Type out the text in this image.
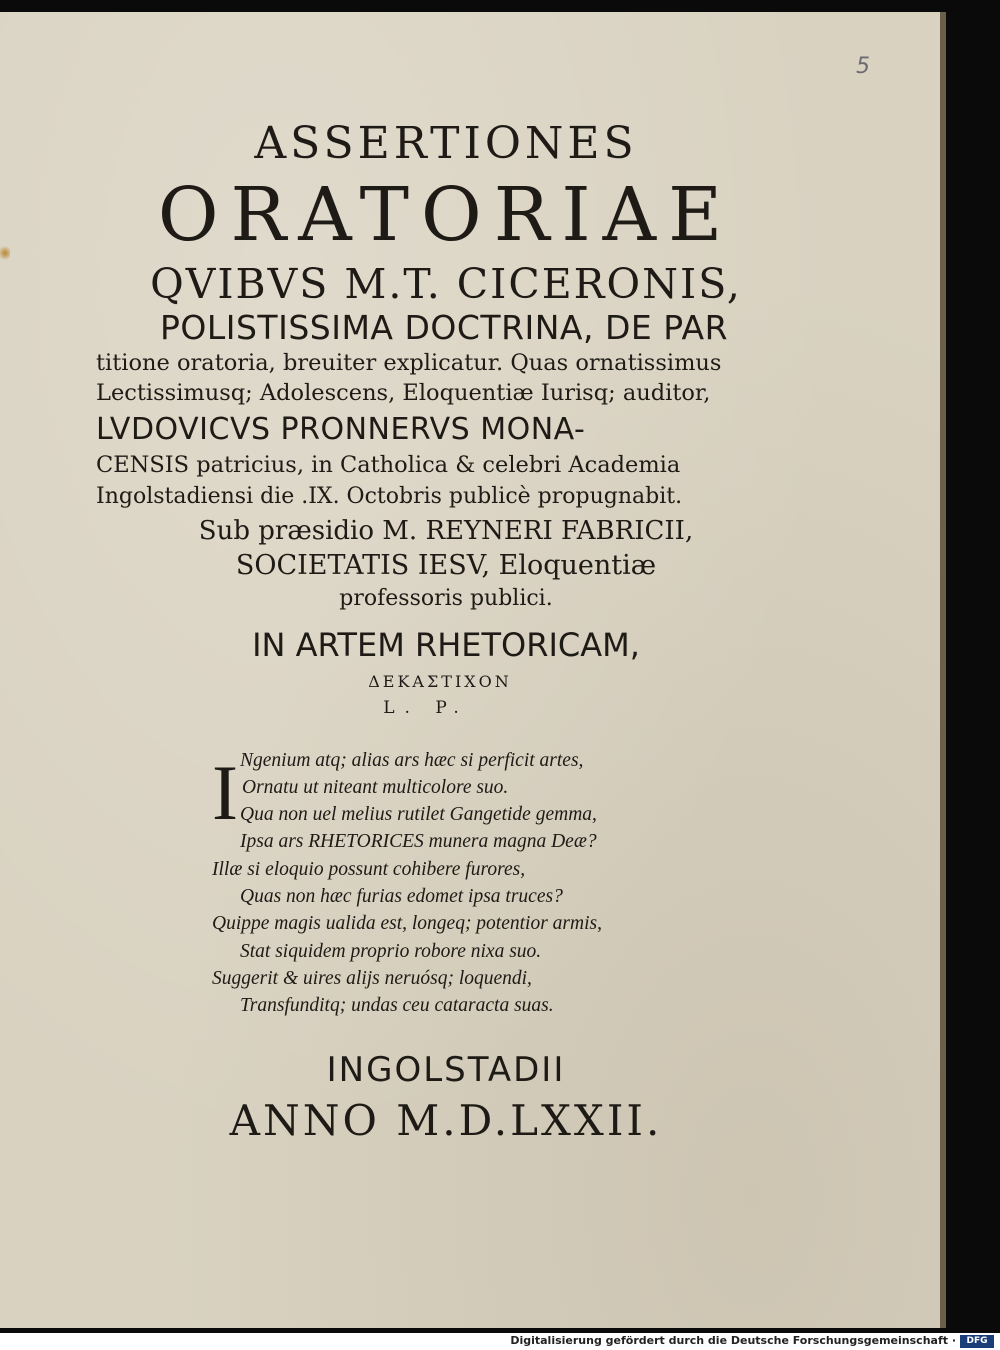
5
ASSERTIONES
ORATORIAE
QVIBVS M.T. CICERONIS,
POLISTISSIMA DOCTRINA, DE PAR
titione oratoria, breuiter explicatur. Quas ornatissimus
Lectissimusq; Adolescens, Eloquentiæ Iurisq; auditor,
LVDOVICVS PRONNERVS MONA-
CENSIS patricius, in Catholica & celebri Academia
Ingolstadiensi die .IX. Octobris publicè propugnabit.
Sub præsidio M. REYNERI FABRICII,
SOCIETATIS IESV, Eloquentiæ
professoris publici.
IN ARTEM RHETORICAM,
ΔΕΚΑΣΤΙΧΟΝ
L. P.
I Ngenium atq; alias ars hæc si perficit artes,
Ornatu ut niteant multicolore suo.
Qua non uel melius rutilet Gangetide gemma,
Ipsa ars RHETORICES munera magna Deæ?
Illæ si eloquio possunt cohibere furores,
Quas non hæc furias edomet ipsa truces?
Quippe magis ualida est, longeq; potentior armis,
Stat siquidem proprio robore nixa suo.
Suggerit & uires alijs neruósq; loquendi,
Transfunditq; undas ceu cataracta suas.
INGOLSTADII
ANNO M.D.LXXII.
Digitalisierung gefördert durch die Deutsche Forschungsgemeinschaft ·	DFG
